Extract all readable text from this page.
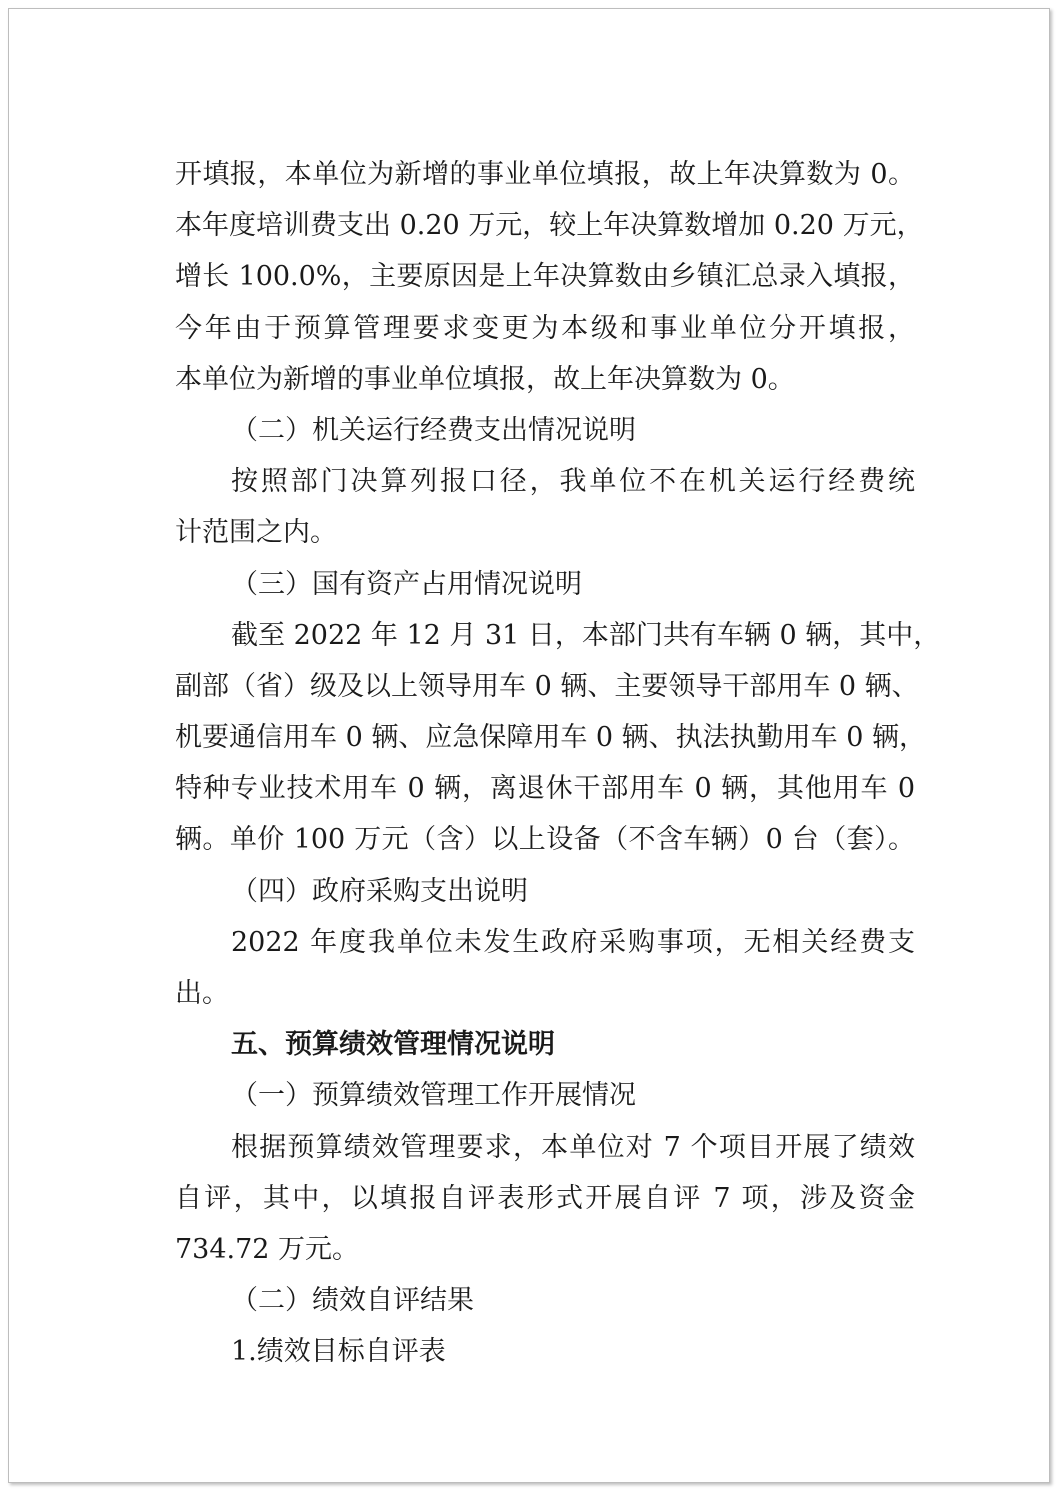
开填报，本单位为新增的事业单位填报，故上年决算数为 0。

本年度培训费支出 0.20 万元，较上年决算数增加 0.20 万元，

增长 100.0%，主要原因是上年决算数由乡镇汇总录入填报，

今年由于预算管理要求变更为本级和事业单位分开填报，

本单位为新增的事业单位填报，故上年决算数为 0。

（二）机关运行经费支出情况说明

按照部门决算列报口径，我单位不在机关运行经费统

计范围之内。

（三）国有资产占用情况说明

截至 2022 年 12 月 31 日，本部门共有车辆 0 辆，其中，

副部（省）级及以上领导用车 0 辆、主要领导干部用车 0 辆、

机要通信用车 0 辆、应急保障用车 0 辆、执法执勤用车 0 辆，

特种专业技术用车 0 辆，离退休干部用车 0 辆，其他用车 0

辆。单价 100 万元（含）以上设备（不含车辆）0 台（套）。

（四）政府采购支出说明

2022 年度我单位未发生政府采购事项，无相关经费支

出。

五、预算绩效管理情况说明

（一）预算绩效管理工作开展情况

根据预算绩效管理要求，本单位对 7 个项目开展了绩效

自评，其中，以填报自评表形式开展自评 7 项，涉及资金

734.72 万元。

（二）绩效自评结果

1.绩效目标自评表
